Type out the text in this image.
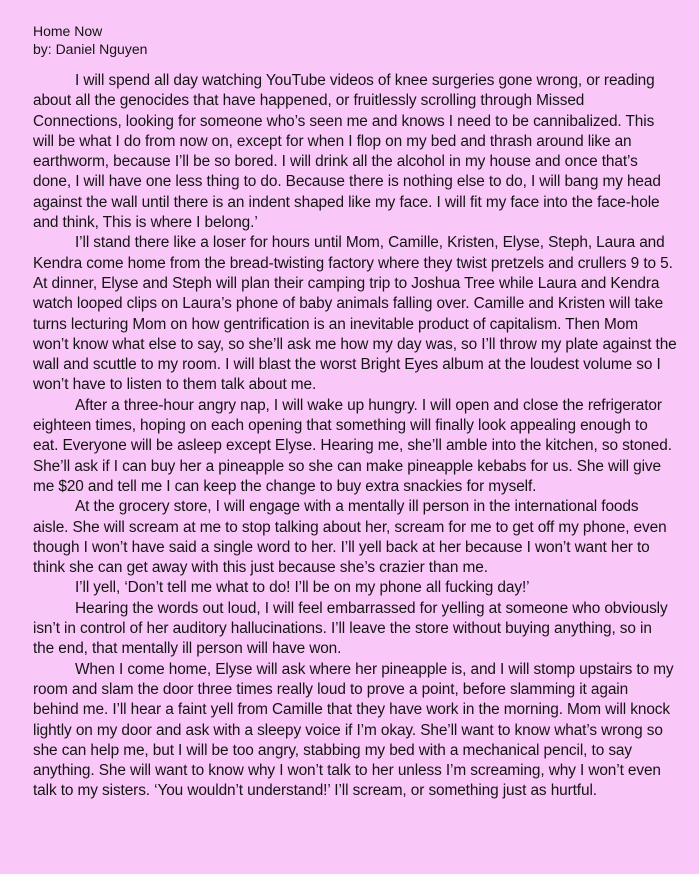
Home Now
by: Daniel Nguyen

I will spend all day watching YouTube videos of knee surgeries gone wrong, or reading about all the genocides that have happened, or fruitlessly scrolling through Missed Connections, looking for someone who’s seen me and knows I need to be cannibalized. This will be what I do from now on, except for when I flop on my bed and thrash around like an earthworm, because I’ll be so bored. I will drink all the alcohol in my house and once that’s done, I will have one less thing to do. Because there is nothing else to do, I will bang my head against the wall until there is an indent shaped like my face. I will fit my face into the face-hole and think, This is where I belong.’

I’ll stand there like a loser for hours until Mom, Camille, Kristen, Elyse, Steph, Laura and Kendra come home from the bread-twisting factory where they twist pretzels and crullers 9 to 5. At dinner, Elyse and Steph will plan their camping trip to Joshua Tree while Laura and Kendra watch looped clips on Laura’s phone of baby animals falling over. Camille and Kristen will take turns lecturing Mom on how gentrification is an inevitable product of capitalism. Then Mom won’t know what else to say, so she’ll ask me how my day was, so I’ll throw my plate against the wall and scuttle to my room. I will blast the worst Bright Eyes album at the loudest volume so I won’t have to listen to them talk about me.

After a three-hour angry nap, I will wake up hungry. I will open and close the refrigerator eighteen times, hoping on each opening that something will finally look appealing enough to eat. Everyone will be asleep except Elyse. Hearing me, she’ll amble into the kitchen, so stoned. She’ll ask if I can buy her a pineapple so she can make pineapple kebabs for us. She will give me $20 and tell me I can keep the change to buy extra snackies for myself.

At the grocery store, I will engage with a mentally ill person in the international foods aisle. She will scream at me to stop talking about her, scream for me to get off my phone, even though I won’t have said a single word to her. I’ll yell back at her because I won’t want her to think she can get away with this just because she’s crazier than me.

I’ll yell, ‘Don’t tell me what to do! I’ll be on my phone all fucking day!’

Hearing the words out loud, I will feel embarrassed for yelling at someone who obviously isn’t in control of her auditory hallucinations. I’ll leave the store without buying anything, so in the end, that mentally ill person will have won.

When I come home, Elyse will ask where her pineapple is, and I will stomp upstairs to my room and slam the door three times really loud to prove a point, before slamming it again behind me. I’ll hear a faint yell from Camille that they have work in the morning. Mom will knock lightly on my door and ask with a sleepy voice if I’m okay. She’ll want to know what’s wrong so she can help me, but I will be too angry, stabbing my bed with a mechanical pencil, to say anything. She will want to know why I won’t talk to her unless I’m screaming, why I won’t even talk to my sisters. ‘You wouldn’t understand!’ I’ll scream, or something just as hurtful.
